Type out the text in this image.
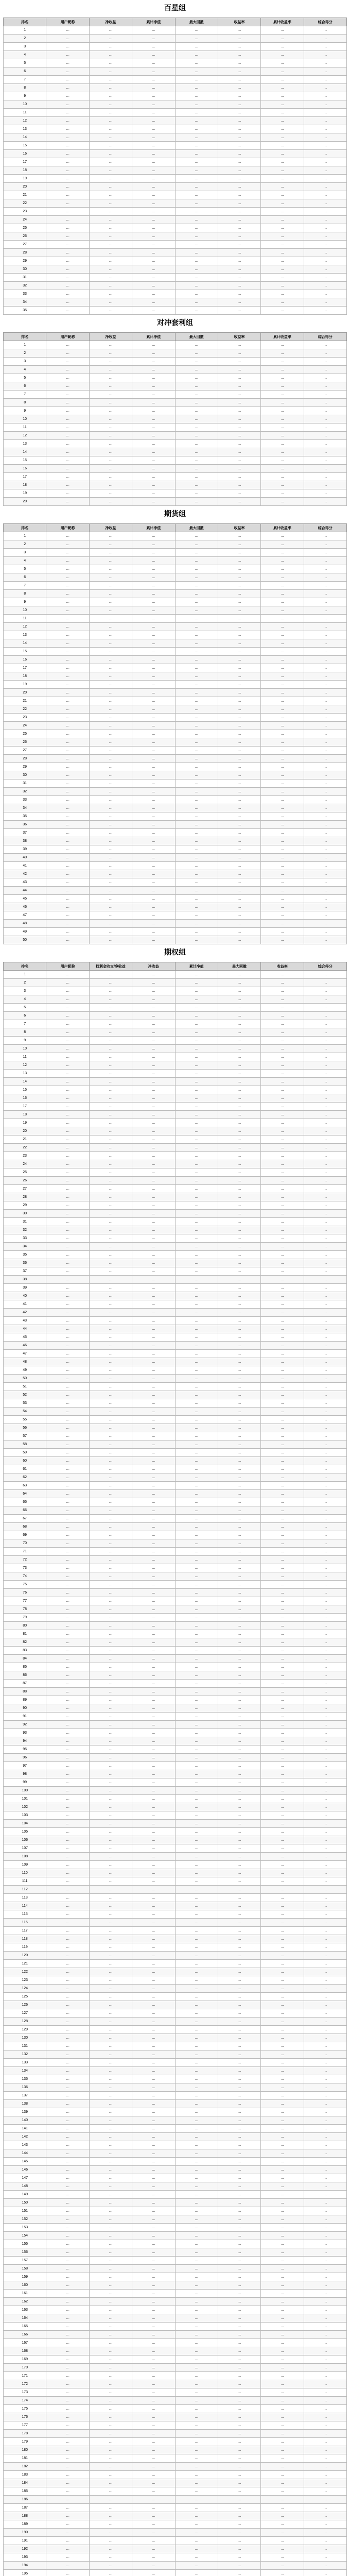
百星组
排名	用户昵称	净收益	累计净值	最大回撤	收益率	累计收益率	综合得分
1	…	…	…	…	…	…	…
2	…	…	…	…	…	…	…
3	…	…	…	…	…	…	…
4	…	…	…	…	…	…	…
5	…	…	…	…	…	…	…
6	…	…	…	…	…	…	…
7	…	…	…	…	…	…	…
8	…	…	…	…	…	…	…
9	…	…	…	…	…	…	…
10	…	…	…	…	…	…	…
11	…	…	…	…	…	…	…
12	…	…	…	…	…	…	…
13	…	…	…	…	…	…	…
14	…	…	…	…	…	…	…
15	…	…	…	…	…	…	…
16	…	…	…	…	…	…	…
17	…	…	…	…	…	…	…
18	…	…	…	…	…	…	…
19	…	…	…	…	…	…	…
20	…	…	…	…	…	…	…
21	…	…	…	…	…	…	…
22	…	…	…	…	…	…	…
23	…	…	…	…	…	…	…
24	…	…	…	…	…	…	…
25	…	…	…	…	…	…	…
26	…	…	…	…	…	…	…
27	…	…	…	…	…	…	…
28	…	…	…	…	…	…	…
29	…	…	…	…	…	…	…
30	…	…	…	…	…	…	…
31	…	…	…	…	…	…	…
32	…	…	…	…	…	…	…
33	…	…	…	…	…	…	…
34	…	…	…	…	…	…	…
35	…	…	…	…	…	…	…
对冲套利组
排名	用户昵称	净收益	累计净值	最大回撤	收益率	累计收益率	综合得分
1	…	…	…	…	…	…	…
2	…	…	…	…	…	…	…
3	…	…	…	…	…	…	…
4	…	…	…	…	…	…	…
5	…	…	…	…	…	…	…
6	…	…	…	…	…	…	…
7	…	…	…	…	…	…	…
8	…	…	…	…	…	…	…
9	…	…	…	…	…	…	…
10	…	…	…	…	…	…	…
11	…	…	…	…	…	…	…
12	…	…	…	…	…	…	…
13	…	…	…	…	…	…	…
14	…	…	…	…	…	…	…
15	…	…	…	…	…	…	…
16	…	…	…	…	…	…	…
17	…	…	…	…	…	…	…
18	…	…	…	…	…	…	…
19	…	…	…	…	…	…	…
20	…	…	…	…	…	…	…
期货组
排名	用户昵称	净收益	累计净值	最大回撤	收益率	累计收益率	综合得分
1	…	…	…	…	…	…	…
2	…	…	…	…	…	…	…
3	…	…	…	…	…	…	…
4	…	…	…	…	…	…	…
5	…	…	…	…	…	…	…
6	…	…	…	…	…	…	…
7	…	…	…	…	…	…	…
8	…	…	…	…	…	…	…
9	…	…	…	…	…	…	…
10	…	…	…	…	…	…	…
11	…	…	…	…	…	…	…
12	…	…	…	…	…	…	…
13	…	…	…	…	…	…	…
14	…	…	…	…	…	…	…
15	…	…	…	…	…	…	…
16	…	…	…	…	…	…	…
17	…	…	…	…	…	…	…
18	…	…	…	…	…	…	…
19	…	…	…	…	…	…	…
20	…	…	…	…	…	…	…
21	…	…	…	…	…	…	…
22	…	…	…	…	…	…	…
23	…	…	…	…	…	…	…
24	…	…	…	…	…	…	…
25	…	…	…	…	…	…	…
26	…	…	…	…	…	…	…
27	…	…	…	…	…	…	…
28	…	…	…	…	…	…	…
29	…	…	…	…	…	…	…
30	…	…	…	…	…	…	…
31	…	…	…	…	…	…	…
32	…	…	…	…	…	…	…
33	…	…	…	…	…	…	…
34	…	…	…	…	…	…	…
35	…	…	…	…	…	…	…
36	…	…	…	…	…	…	…
37	…	…	…	…	…	…	…
38	…	…	…	…	…	…	…
39	…	…	…	…	…	…	…
40	…	…	…	…	…	…	…
41	…	…	…	…	…	…	…
42	…	…	…	…	…	…	…
43	…	…	…	…	…	…	…
44	…	…	…	…	…	…	…
45	…	…	…	…	…	…	…
46	…	…	…	…	…	…	…
47	…	…	…	…	…	…	…
48	…	…	…	…	…	…	…
49	…	…	…	…	…	…	…
50	…	…	…	…	…	…	…
期权组
排名	用户昵称	权利金收支/净收益	净收益	累计净值	最大回撤	收益率	综合得分
1	…	…	…	…	…	…	…
2	…	…	…	…	…	…	…
3	…	…	…	…	…	…	…
4	…	…	…	…	…	…	…
5	…	…	…	…	…	…	…
6	…	…	…	…	…	…	…
7	…	…	…	…	…	…	…
8	…	…	…	…	…	…	…
9	…	…	…	…	…	…	…
10	…	…	…	…	…	…	…
11	…	…	…	…	…	…	…
12	…	…	…	…	…	…	…
13	…	…	…	…	…	…	…
14	…	…	…	…	…	…	…
15	…	…	…	…	…	…	…
16	…	…	…	…	…	…	…
17	…	…	…	…	…	…	…
18	…	…	…	…	…	…	…
19	…	…	…	…	…	…	…
20	…	…	…	…	…	…	…
21	…	…	…	…	…	…	…
22	…	…	…	…	…	…	…
23	…	…	…	…	…	…	…
24	…	…	…	…	…	…	…
25	…	…	…	…	…	…	…
26	…	…	…	…	…	…	…
27	…	…	…	…	…	…	…
28	…	…	…	…	…	…	…
29	…	…	…	…	…	…	…
30	…	…	…	…	…	…	…
31	…	…	…	…	…	…	…
32	…	…	…	…	…	…	…
33	…	…	…	…	…	…	…
34	…	…	…	…	…	…	…
35	…	…	…	…	…	…	…
36	…	…	…	…	…	…	…
37	…	…	…	…	…	…	…
38	…	…	…	…	…	…	…
39	…	…	…	…	…	…	…
40	…	…	…	…	…	…	…
41	…	…	…	…	…	…	…
42	…	…	…	…	…	…	…
43	…	…	…	…	…	…	…
44	…	…	…	…	…	…	…
45	…	…	…	…	…	…	…
46	…	…	…	…	…	…	…
47	…	…	…	…	…	…	…
48	…	…	…	…	…	…	…
49	…	…	…	…	…	…	…
50	…	…	…	…	…	…	…
51	…	…	…	…	…	…	…
52	…	…	…	…	…	…	…
53	…	…	…	…	…	…	…
54	…	…	…	…	…	…	…
55	…	…	…	…	…	…	…
56	…	…	…	…	…	…	…
57	…	…	…	…	…	…	…
58	…	…	…	…	…	…	…
59	…	…	…	…	…	…	…
60	…	…	…	…	…	…	…
61	…	…	…	…	…	…	…
62	…	…	…	…	…	…	…
63	…	…	…	…	…	…	…
64	…	…	…	…	…	…	…
65	…	…	…	…	…	…	…
66	…	…	…	…	…	…	…
67	…	…	…	…	…	…	…
68	…	…	…	…	…	…	…
69	…	…	…	…	…	…	…
70	…	…	…	…	…	…	…
71	…	…	…	…	…	…	…
72	…	…	…	…	…	…	…
73	…	…	…	…	…	…	…
74	…	…	…	…	…	…	…
75	…	…	…	…	…	…	…
76	…	…	…	…	…	…	…
77	…	…	…	…	…	…	…
78	…	…	…	…	…	…	…
79	…	…	…	…	…	…	…
80	…	…	…	…	…	…	…
81	…	…	…	…	…	…	…
82	…	…	…	…	…	…	…
83	…	…	…	…	…	…	…
84	…	…	…	…	…	…	…
85	…	…	…	…	…	…	…
86	…	…	…	…	…	…	…
87	…	…	…	…	…	…	…
88	…	…	…	…	…	…	…
89	…	…	…	…	…	…	…
90	…	…	…	…	…	…	…
91	…	…	…	…	…	…	…
92	…	…	…	…	…	…	…
93	…	…	…	…	…	…	…
94	…	…	…	…	…	…	…
95	…	…	…	…	…	…	…
96	…	…	…	…	…	…	…
97	…	…	…	…	…	…	…
98	…	…	…	…	…	…	…
99	…	…	…	…	…	…	…
100	…	…	…	…	…	…	…
101	…	…	…	…	…	…	…
102	…	…	…	…	…	…	…
103	…	…	…	…	…	…	…
104	…	…	…	…	…	…	…
105	…	…	…	…	…	…	…
106	…	…	…	…	…	…	…
107	…	…	…	…	…	…	…
108	…	…	…	…	…	…	…
109	…	…	…	…	…	…	…
110	…	…	…	…	…	…	…
111	…	…	…	…	…	…	…
112	…	…	…	…	…	…	…
113	…	…	…	…	…	…	…
114	…	…	…	…	…	…	…
115	…	…	…	…	…	…	…
116	…	…	…	…	…	…	…
117	…	…	…	…	…	…	…
118	…	…	…	…	…	…	…
119	…	…	…	…	…	…	…
120	…	…	…	…	…	…	…
121	…	…	…	…	…	…	…
122	…	…	…	…	…	…	…
123	…	…	…	…	…	…	…
124	…	…	…	…	…	…	…
125	…	…	…	…	…	…	…
126	…	…	…	…	…	…	…
127	…	…	…	…	…	…	…
128	…	…	…	…	…	…	…
129	…	…	…	…	…	…	…
130	…	…	…	…	…	…	…
131	…	…	…	…	…	…	…
132	…	…	…	…	…	…	…
133	…	…	…	…	…	…	…
134	…	…	…	…	…	…	…
135	…	…	…	…	…	…	…
136	…	…	…	…	…	…	…
137	…	…	…	…	…	…	…
138	…	…	…	…	…	…	…
139	…	…	…	…	…	…	…
140	…	…	…	…	…	…	…
141	…	…	…	…	…	…	…
142	…	…	…	…	…	…	…
143	…	…	…	…	…	…	…
144	…	…	…	…	…	…	…
145	…	…	…	…	…	…	…
146	…	…	…	…	…	…	…
147	…	…	…	…	…	…	…
148	…	…	…	…	…	…	…
149	…	…	…	…	…	…	…
150	…	…	…	…	…	…	…
151	…	…	…	…	…	…	…
152	…	…	…	…	…	…	…
153	…	…	…	…	…	…	…
154	…	…	…	…	…	…	…
155	…	…	…	…	…	…	…
156	…	…	…	…	…	…	…
157	…	…	…	…	…	…	…
158	…	…	…	…	…	…	…
159	…	…	…	…	…	…	…
160	…	…	…	…	…	…	…
161	…	…	…	…	…	…	…
162	…	…	…	…	…	…	…
163	…	…	…	…	…	…	…
164	…	…	…	…	…	…	…
165	…	…	…	…	…	…	…
166	…	…	…	…	…	…	…
167	…	…	…	…	…	…	…
168	…	…	…	…	…	…	…
169	…	…	…	…	…	…	…
170	…	…	…	…	…	…	…
171	…	…	…	…	…	…	…
172	…	…	…	…	…	…	…
173	…	…	…	…	…	…	…
174	…	…	…	…	…	…	…
175	…	…	…	…	…	…	…
176	…	…	…	…	…	…	…
177	…	…	…	…	…	…	…
178	…	…	…	…	…	…	…
179	…	…	…	…	…	…	…
180	…	…	…	…	…	…	…
181	…	…	…	…	…	…	…
182	…	…	…	…	…	…	…
183	…	…	…	…	…	…	…
184	…	…	…	…	…	…	…
185	…	…	…	…	…	…	…
186	…	…	…	…	…	…	…
187	…	…	…	…	…	…	…
188	…	…	…	…	…	…	…
189	…	…	…	…	…	…	…
190	…	…	…	…	…	…	…
191	…	…	…	…	…	…	…
192	…	…	…	…	…	…	…
193	…	…	…	…	…	…	…
194	…	…	…	…	…	…	…
195	…	…	…	…	…	…	…
